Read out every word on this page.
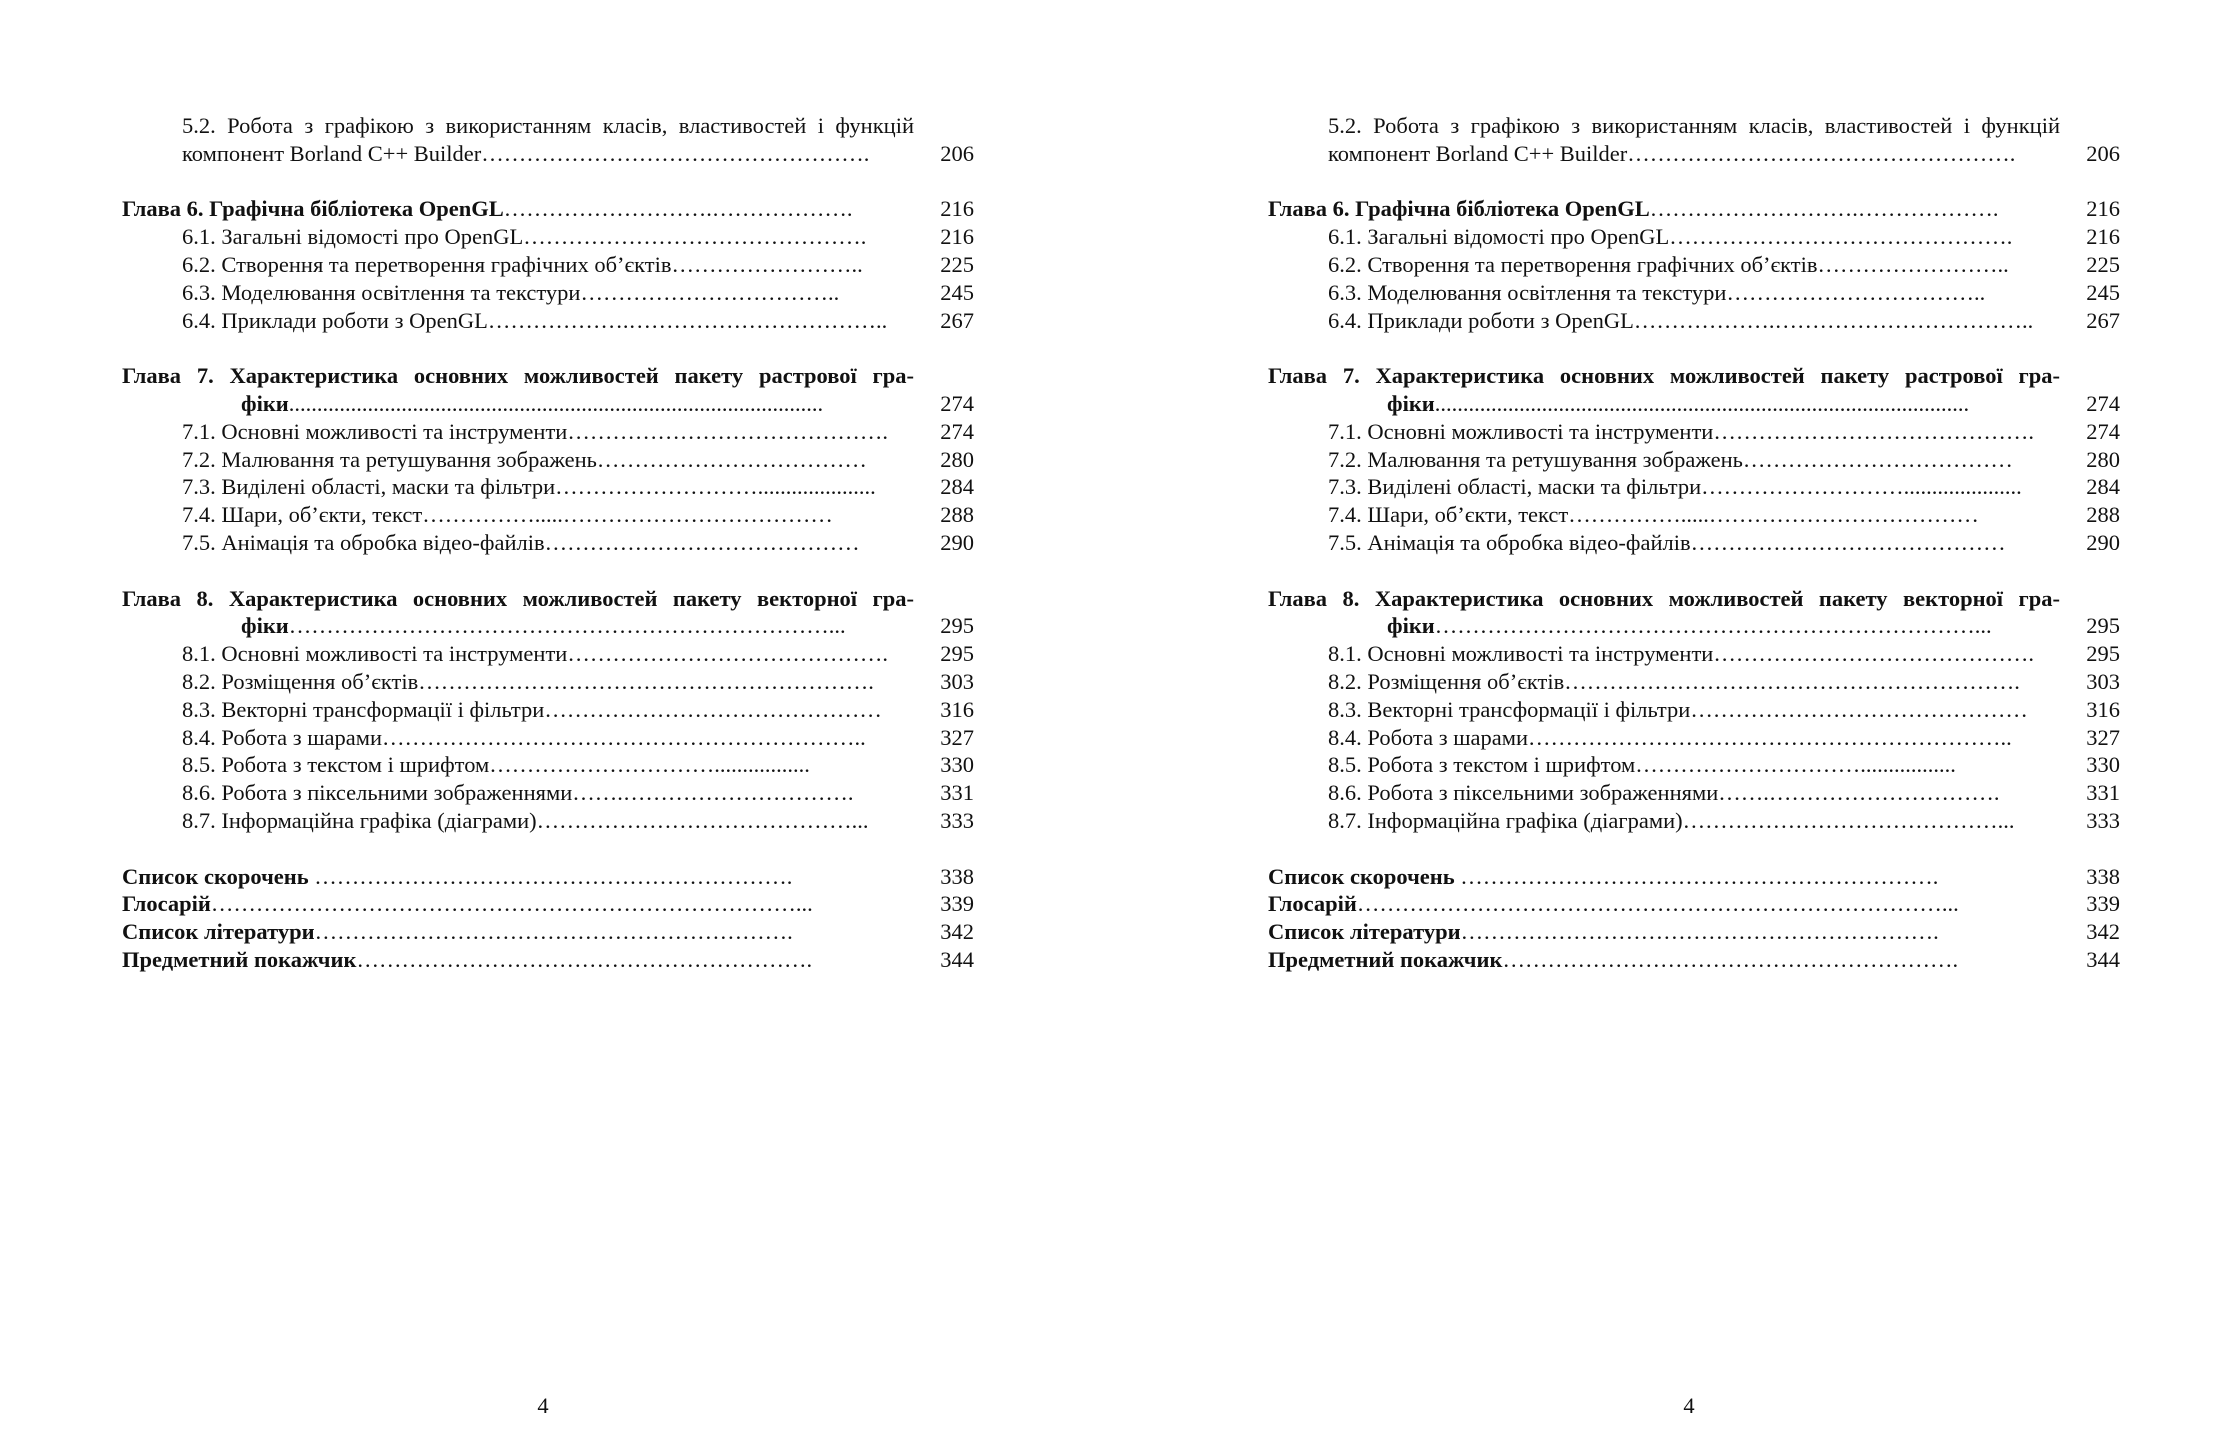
5.2. Робота з графікою з використанням класів, властивостей і функцій
компонент Borland C++ Builder…………………………………………….	206
Глава 6. Графічна бібліотека OpenGL……………………….……………….	216
6.1. Загальні відомості про OpenGL……………………………………….	216
6.2. Створення та перетворення графічних об’єктів……………………..	225
6.3. Моделювання освітлення та текстури……………………………..	245
6.4. Приклади роботи з OpenGL……………….……………………………..	267
Глава 7. Характеристика основних можливостей пакету растрової гра-
фіки...............................................................................................	274
7.1. Основні можливості та інструменти…………………………………….	274
7.2. Малювання та ретушування зображень………………………………	280
7.3. Виділені області, маски та фільтри……………………….....................	284
7.4. Шари, об’єкти, текст…………….....………………………………	288
7.5. Анімація та обробка відео-файлів……………………………………	290
Глава 8. Характеристика основних можливостей пакету векторної гра-
фіки………………………………………………………………...	295
8.1. Основні можливості та інструменти…………………………………….	295
8.2. Розміщення об’єктів…………………………………………………….	303
8.3. Векторні трансформації і фільтри………………………………………	316
8.4. Робота з шарами………………………………………………………..	327
8.5. Робота з текстом і шрифтом………………………….................	330
8.6. Робота з піксельними зображеннями…….………………………….	331
8.7. Інформаційна графіка (діаграми)……………………………………...	333
Список скорочень ……………………………………………………….	338
Глосарій……………………………………………………………………...	339
Список літератури……………………………………………………….	342
Предметний покажчик…………………………………………………….	344
4
5.2. Робота з графікою з використанням класів, властивостей і функцій
компонент Borland C++ Builder…………………………………………….	206
Глава 6. Графічна бібліотека OpenGL……………………….……………….	216
6.1. Загальні відомості про OpenGL……………………………………….	216
6.2. Створення та перетворення графічних об’єктів……………………..	225
6.3. Моделювання освітлення та текстури……………………………..	245
6.4. Приклади роботи з OpenGL……………….……………………………..	267
Глава 7. Характеристика основних можливостей пакету растрової гра-
фіки...............................................................................................	274
7.1. Основні можливості та інструменти…………………………………….	274
7.2. Малювання та ретушування зображень………………………………	280
7.3. Виділені області, маски та фільтри……………………….....................	284
7.4. Шари, об’єкти, текст…………….....………………………………	288
7.5. Анімація та обробка відео-файлів……………………………………	290
Глава 8. Характеристика основних можливостей пакету векторної гра-
фіки………………………………………………………………...	295
8.1. Основні можливості та інструменти…………………………………….	295
8.2. Розміщення об’єктів…………………………………………………….	303
8.3. Векторні трансформації і фільтри………………………………………	316
8.4. Робота з шарами………………………………………………………..	327
8.5. Робота з текстом і шрифтом………………………….................	330
8.6. Робота з піксельними зображеннями…….………………………….	331
8.7. Інформаційна графіка (діаграми)……………………………………...	333
Список скорочень ……………………………………………………….	338
Глосарій……………………………………………………………………...	339
Список літератури……………………………………………………….	342
Предметний покажчик…………………………………………………….	344
4
